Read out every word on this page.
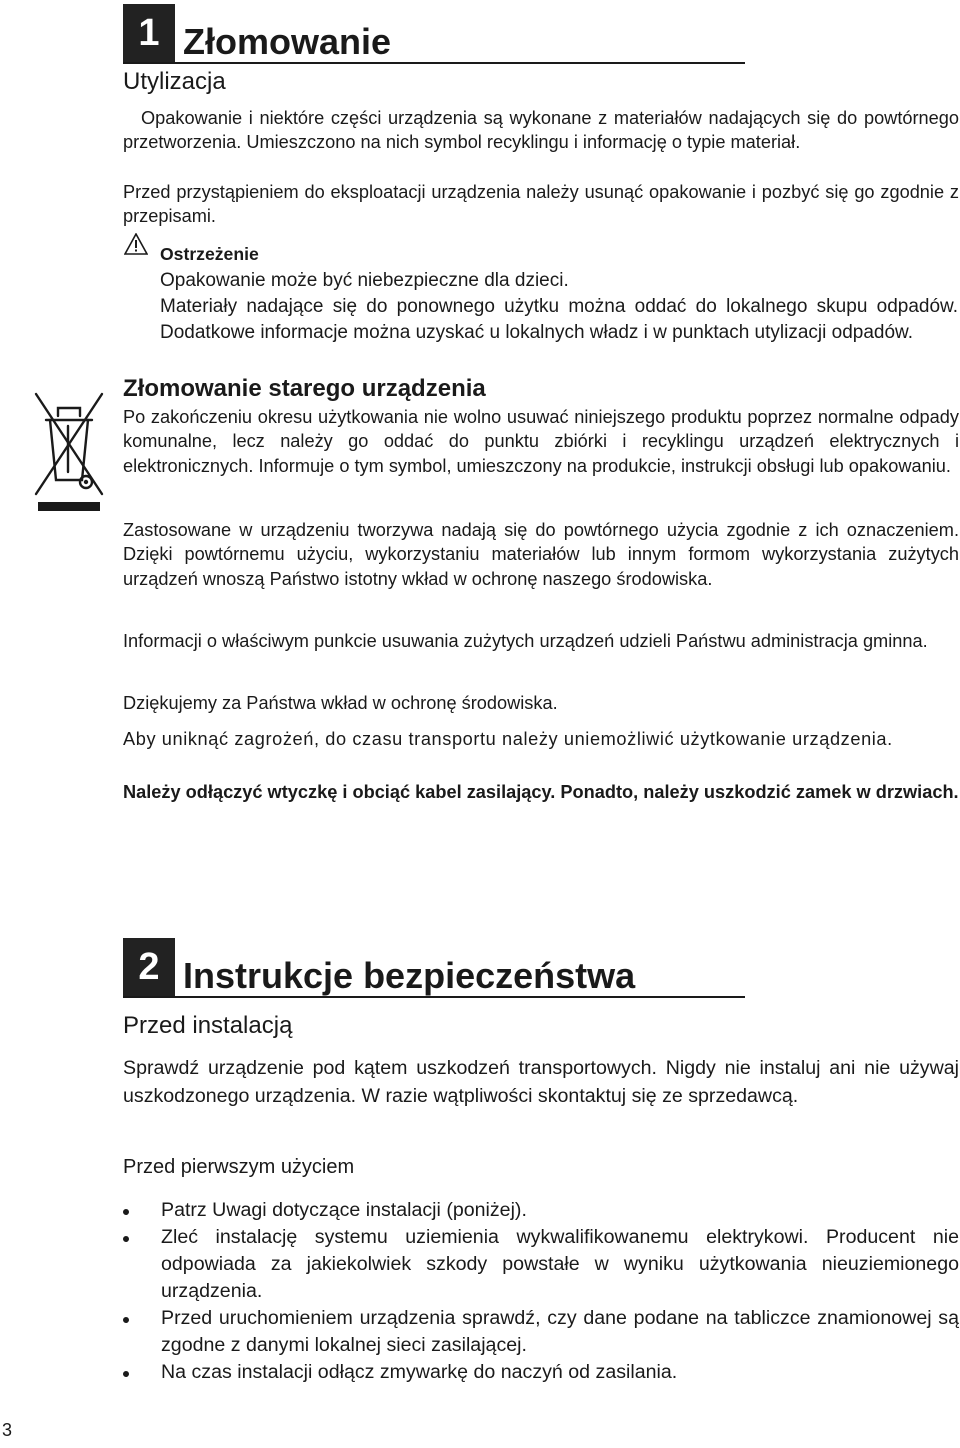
1 Złomowanie
Utylizacja

Opakowanie i niektóre części urządzenia są wykonane z materiałów nadających się do powtórnego przetworzenia. Umieszczono na nich symbol recyklingu i informację o typie materiał.

Przed przystąpieniem do eksploatacji urządzenia należy usunąć opakowanie i pozbyć się go zgodnie z przepisami.

Ostrzeżenie

Opakowanie może być niebezpieczne dla dzieci.
Materiały nadające się do ponownego użytku można oddać do lokalnego skupu odpadów. Dodatkowe informacje można uzyskać u lokalnych władz i w punktach utylizacji odpadów.

Złomowanie starego urządzenia

Po zakończeniu okresu użytkowania nie wolno usuwać niniejszego produktu poprzez normalne odpady komunalne, lecz należy go oddać do punktu zbiórki i recyklingu urządzeń elektrycznych i elektronicznych. Informuje o tym symbol, umieszczony na produkcie, instrukcji obsługi lub opakowaniu.

Zastosowane w urządzeniu tworzywa nadają się do powtórnego użycia zgodnie z ich oznaczeniem. Dzięki powtórnemu użyciu, wykorzystaniu materiałów lub innym formom wykorzystania zużytych urządzeń wnoszą Państwo istotny wkład w ochronę naszego środowiska.

Informacji o właściwym punkcie usuwania zużytych urządzeń udzieli Państwu administracja gminna.

Dziękujemy za Państwa wkład w ochronę środowiska.

Aby uniknąć zagrożeń, do czasu transportu należy uniemożliwić użytkowanie urządzenia.

Należy odłączyć wtyczkę i obciąć kabel zasilający. Ponadto, należy uszkodzić zamek w drzwiach.

2 Instrukcje bezpieczeństwa
Przed instalacją

Sprawdź urządzenie pod kątem uszkodzeń transportowych. Nigdy nie instaluj ani nie używaj uszkodzonego urządzenia. W razie wątpliwości skontaktuj się ze sprzedawcą.

Przed pierwszym użyciem
Patrz Uwagi dotyczące instalacji (poniżej).
Zleć instalację systemu uziemienia wykwalifikowanemu elektrykowi. Producent nie odpowiada za jakiekolwiek szkody powstałe w wyniku użytkowania nieuziemionego urządzenia.
Przed uruchomieniem urządzenia sprawdź, czy dane podane na tabliczce znamionowej są zgodne z danymi lokalnej sieci zasilającej.
Na czas instalacji odłącz zmywarkę do naczyń od zasilania.
3
